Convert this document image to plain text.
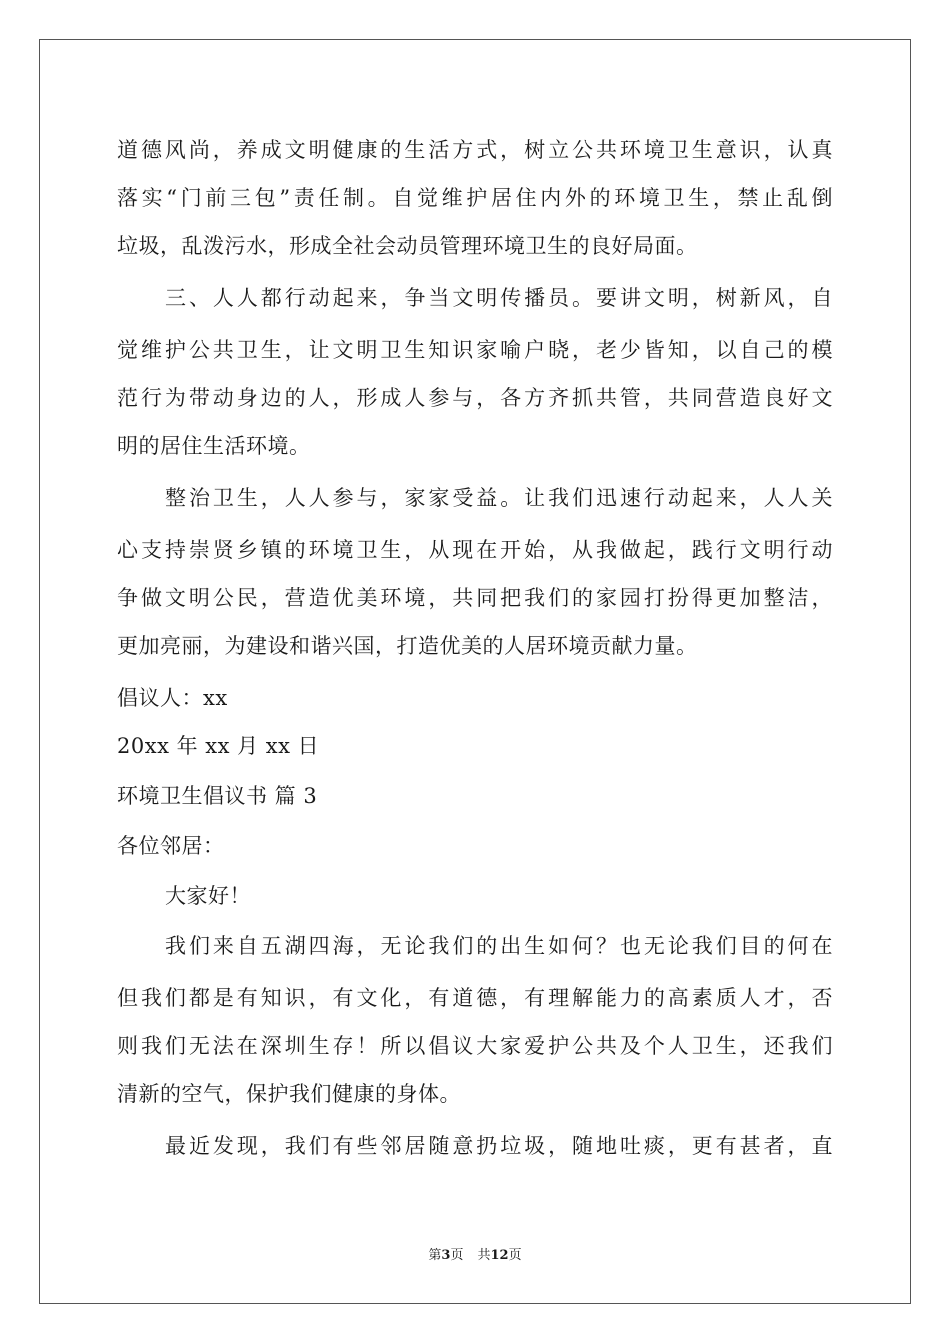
道德风尚，养成文明健康的生活方式，树立公共环境卫生意识，认真
落实“门前三包”责任制。自觉维护居住内外的环境卫生，禁止乱倒
垃圾，乱泼污水，形成全社会动员管理环境卫生的良好局面。
三、人人都行动起来，争当文明传播员。要讲文明，树新风，自
觉维护公共卫生，让文明卫生知识家喻户晓，老少皆知，以自己的模
范行为带动身边的人，形成人参与，各方齐抓共管，共同营造良好文
明的居住生活环境。
整治卫生，人人参与，家家受益。让我们迅速行动起来，人人关
心支持崇贤乡镇的环境卫生，从现在开始，从我做起，践行文明行动
争做文明公民，营造优美环境，共同把我们的家园打扮得更加整洁，
更加亮丽，为建设和谐兴国，打造优美的人居环境贡献力量。
倡议人：xx
20xx 年 xx 月 xx 日
环境卫生倡议书 篇 3
各位邻居：
大家好！
我们来自五湖四海，无论我们的出生如何？也无论我们目的何在
但我们都是有知识，有文化，有道德，有理解能力的高素质人才，否
则我们无法在深圳生存！所以倡议大家爱护公共及个人卫生，还我们
清新的空气，保护我们健康的身体。
最近发现，我们有些邻居随意扔垃圾，随地吐痰，更有甚者，直
第3页 共12页
